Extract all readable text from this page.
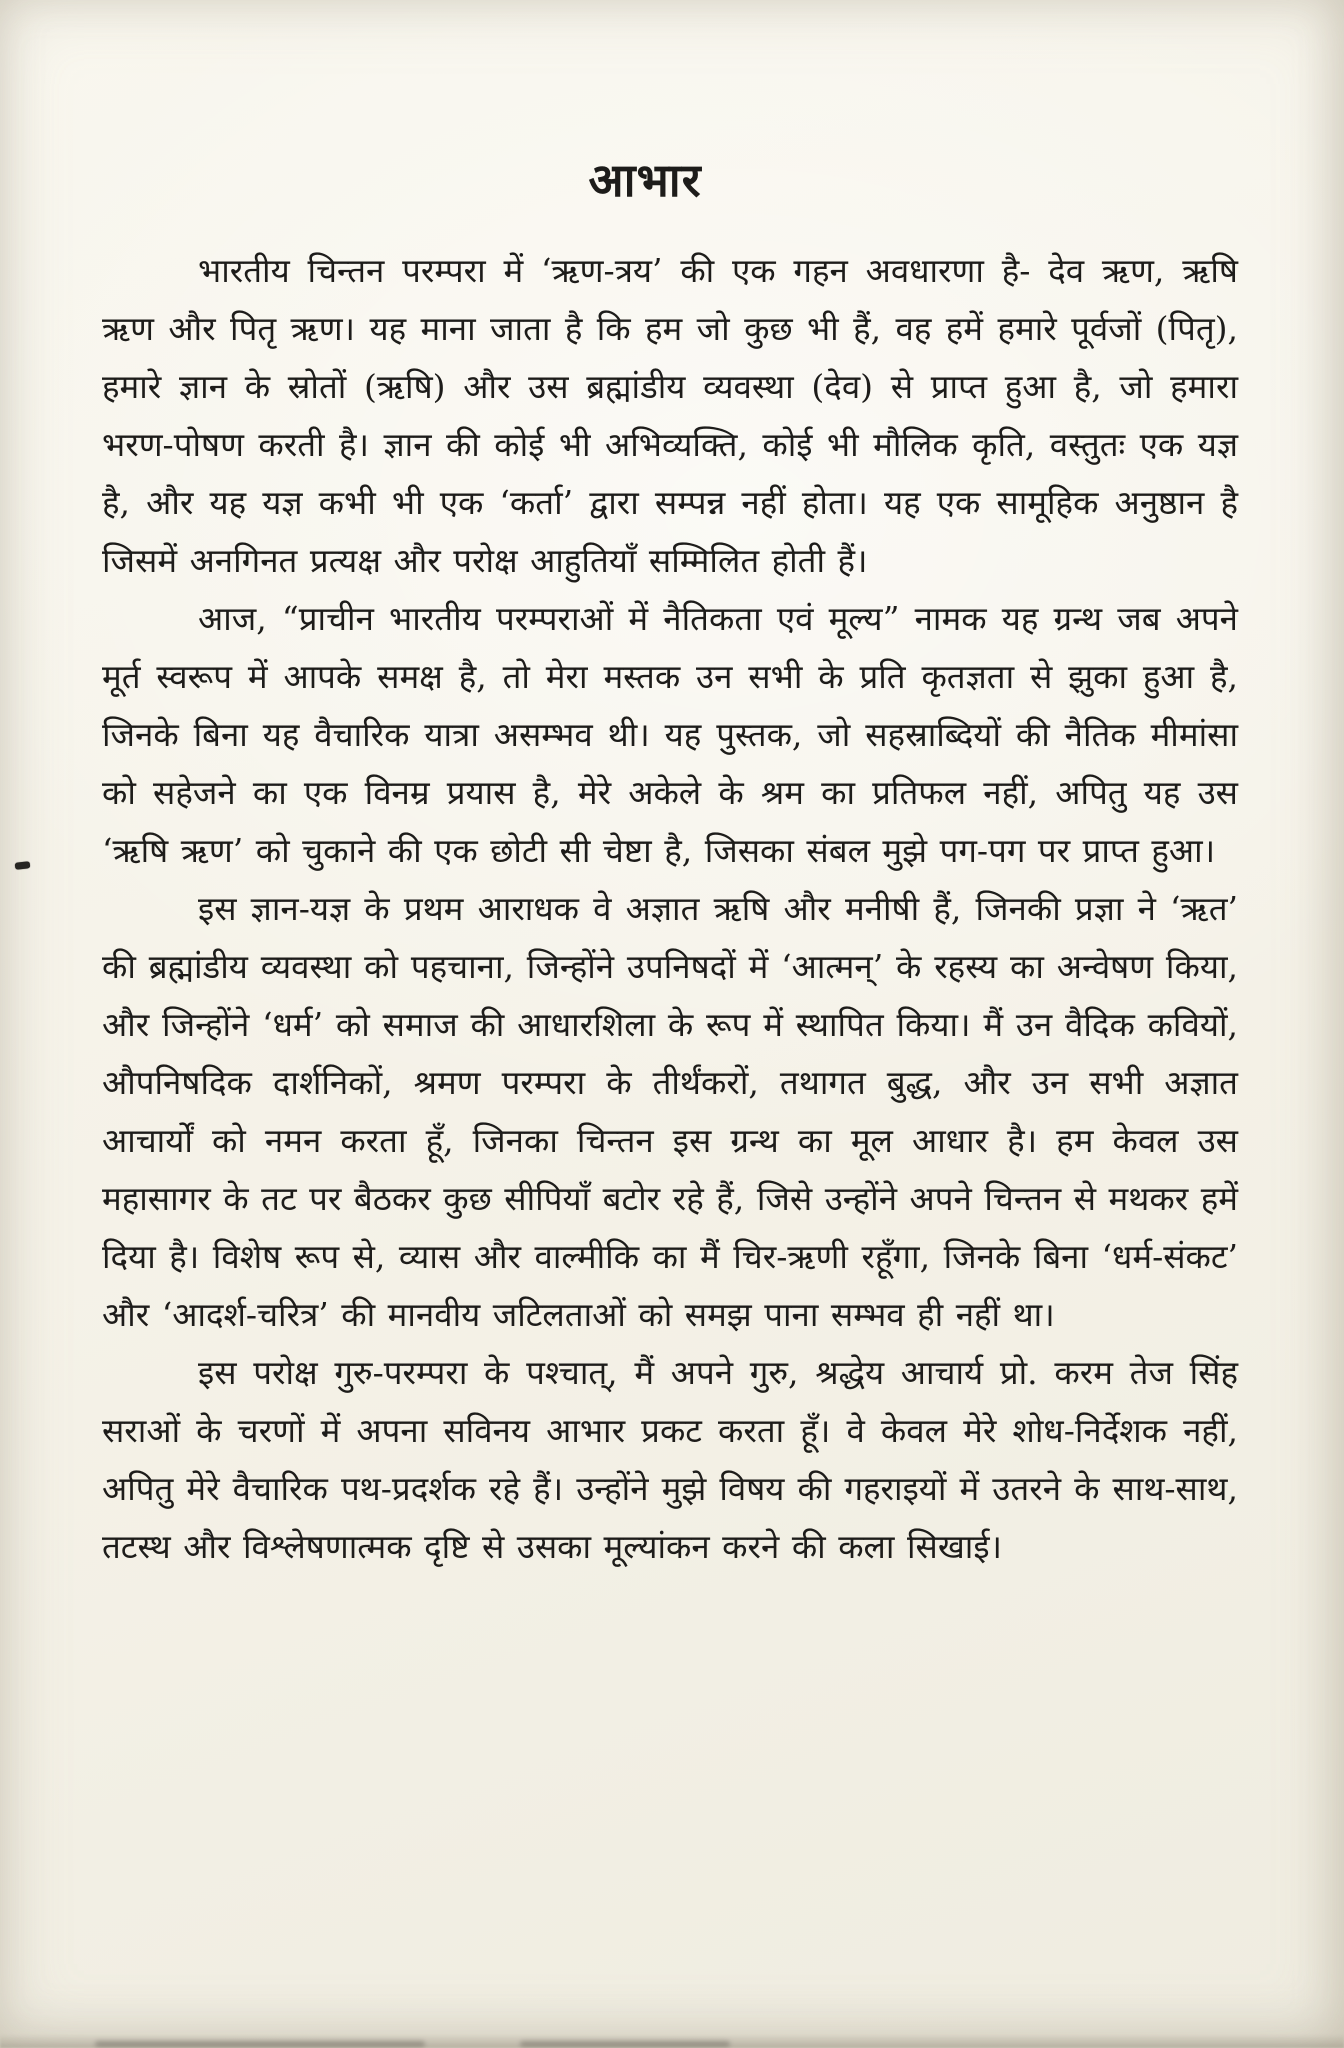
आभार

भारतीय चिन्तन परम्परा में ‘ऋण-त्रय’ की एक गहन अवधारणा है- देव ऋण, ऋषि ऋण और पितृ ऋण। यह माना जाता है कि हम जो कुछ भी हैं, वह हमें हमारे पूर्वजों (पितृ), हमारे ज्ञान के स्रोतों (ऋषि) और उस ब्रह्मांडीय व्यवस्था (देव) से प्राप्त हुआ है, जो हमारा भरण-पोषण करती है। ज्ञान की कोई भी अभिव्यक्ति, कोई भी मौलिक कृति, वस्तुतः एक यज्ञ है, और यह यज्ञ कभी भी एक ‘कर्ता’ द्वारा सम्पन्न नहीं होता। यह एक सामूहिक अनुष्ठान है जिसमें अनगिनत प्रत्यक्ष और परोक्ष आहुतियाँ सम्मिलित होती हैं।

आज, “प्राचीन भारतीय परम्पराओं में नैतिकता एवं मूल्य” नामक यह ग्रन्थ जब अपने मूर्त स्वरूप में आपके समक्ष है, तो मेरा मस्तक उन सभी के प्रति कृतज्ञता से झुका हुआ है, जिनके बिना यह वैचारिक यात्रा असम्भव थी। यह पुस्तक, जो सहस्राब्दियों की नैतिक मीमांसा को सहेजने का एक विनम्र प्रयास है, मेरे अकेले के श्रम का प्रतिफल नहीं, अपितु यह उस ‘ऋषि ऋण’ को चुकाने की एक छोटी सी चेष्टा है, जिसका संबल मुझे पग-पग पर प्राप्त हुआ।

इस ज्ञान-यज्ञ के प्रथम आराधक वे अज्ञात ऋषि और मनीषी हैं, जिनकी प्रज्ञा ने ‘ऋत’ की ब्रह्मांडीय व्यवस्था को पहचाना, जिन्होंने उपनिषदों में ‘आत्मन्’ के रहस्य का अन्वेषण किया, और जिन्होंने ‘धर्म’ को समाज की आधारशिला के रूप में स्थापित किया। मैं उन वैदिक कवियों, औपनिषदिक दार्शनिकों, श्रमण परम्परा के तीर्थंकरों, तथागत बुद्ध, और उन सभी अज्ञात आचार्यों को नमन करता हूँ, जिनका चिन्तन इस ग्रन्थ का मूल आधार है। हम केवल उस महासागर के तट पर बैठकर कुछ सीपियाँ बटोर रहे हैं, जिसे उन्होंने अपने चिन्तन से मथकर हमें दिया है। विशेष रूप से, व्यास और वाल्मीकि का मैं चिर-ऋणी रहूँगा, जिनके बिना ‘धर्म-संकट’ और ‘आदर्श-चरित्र’ की मानवीय जटिलताओं को समझ पाना सम्भव ही नहीं था।

इस परोक्ष गुरु-परम्परा के पश्चात्, मैं अपने गुरु, श्रद्धेय आचार्य प्रो. करम तेज सिंह सराओं के चरणों में अपना सविनय आभार प्रकट करता हूँ। वे केवल मेरे शोध-निर्देशक नहीं, अपितु मेरे वैचारिक पथ-प्रदर्शक रहे हैं। उन्होंने मुझे विषय की गहराइयों में उतरने के साथ-साथ, तटस्थ और विश्लेषणात्मक दृष्टि से उसका मूल्यांकन करने की कला सिखाई।
